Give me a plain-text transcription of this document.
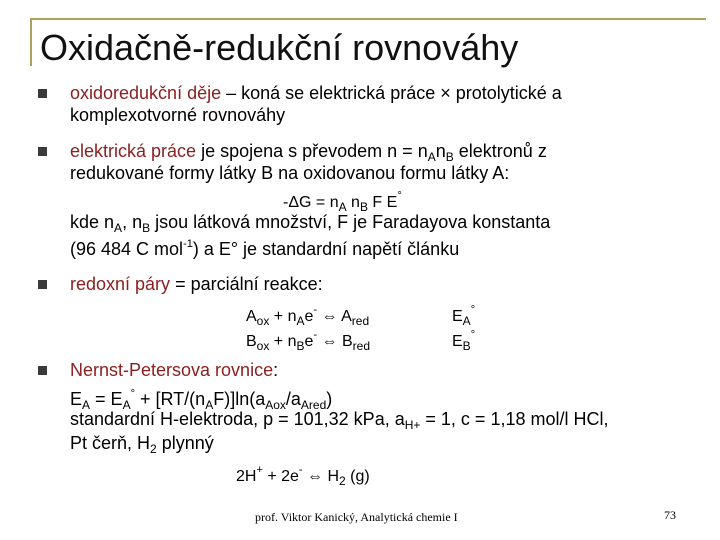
Oxidačně-redukční rovnováhy
oxidoredukční děje – koná se elektrická práce × protolytické a
komplexotvorné rovnováhy
elektrická práce je spojena s převodem $n = n_An_B$ elektronů z
redukované formy látky B na oxidovanou formu látky A:
$-\Delta G = n_A$ $n_B$ F E°
kde $n_A$, $n_B$ jsou látková množství, F je Faradayova konstanta
(96 484 C mol$^{-1}$) a E° je standardní napětí článku
redoxní páry = parciální reakce:
$A_{ox} + n_Ae^-$ ⇔ $A_{red}$	$E_A^\circ$
$B_{ox} + n_Be^-$ ⇔ $B_{red}$	$E_B^\circ$
Nernst-Petersova rovnice:
$E_A = E_A^\circ + [RT/(n_AF)]\ln(a_{Aox}/a_{Ared})$
standardní H-elektroda, p = 101,32 kPa, $a_{H+} = 1$, c = 1,18 mol/l HCl,
Pt čerň, $H_2$ plynný
2H+ + 2e- ⇔ $H_2$ (g)
prof. Viktor Kanický, Analytická chemie I	73
